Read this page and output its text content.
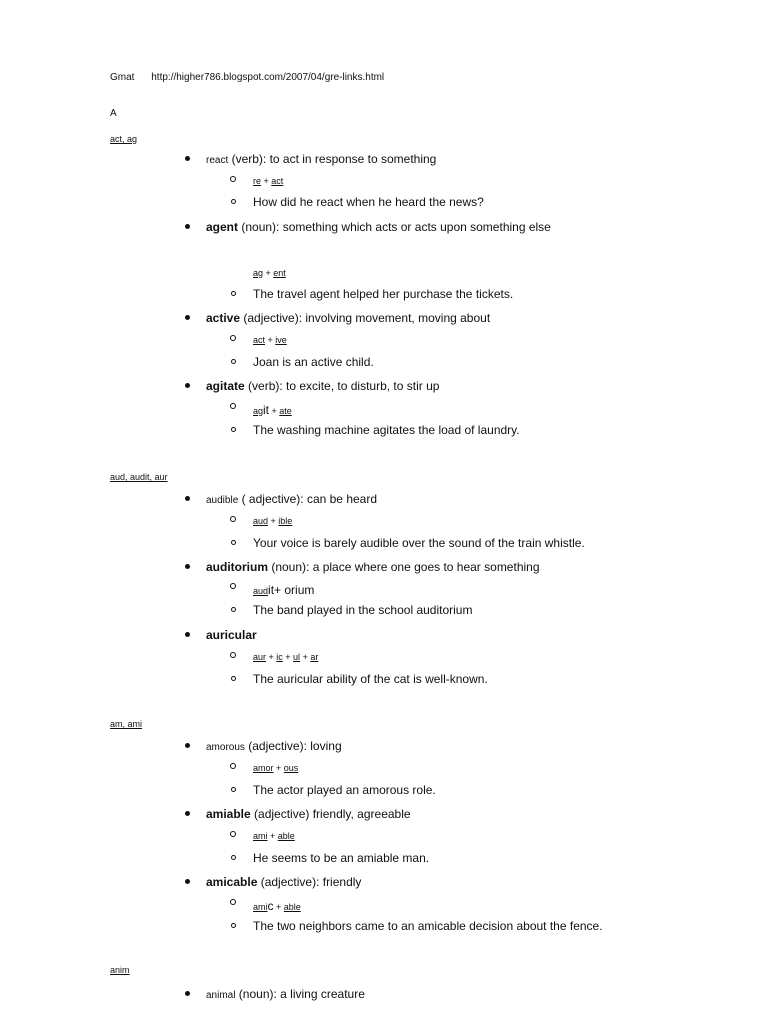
Gmat http://higher786.blogspot.com/2007/04/gre-links.html
A
act, ag
react (verb): to act in response to something
re + act
How did he react when he heard the news?
agent (noun): something which acts or acts upon something else
ag + ent
The travel agent helped her purchase the tickets.
active (adjective): involving movement, moving about
act + ive
Joan is an active child.
agitate (verb): to excite, to disturb, to stir up
agit + ate
The washing machine agitates the load of laundry.
aud, audit, aur
audible ( adjective): can be heard
aud + ible
Your voice is barely audible over the sound of the train whistle.
auditorium (noun): a place where one goes to hear something
audit+ orium
The band played in the school auditorium
auricular
aur + ic + ul + ar
The auricular ability of the cat is well-known.
am, ami
amorous (adjective): loving
amor + ous
The actor played an amorous role.
amiable (adjective) friendly, agreeable
ami + able
He seems to be an amiable man.
amicable (adjective): friendly
amic + able
The two neighbors came to an amicable decision about the fence.
anim
animal (noun): a living creature
